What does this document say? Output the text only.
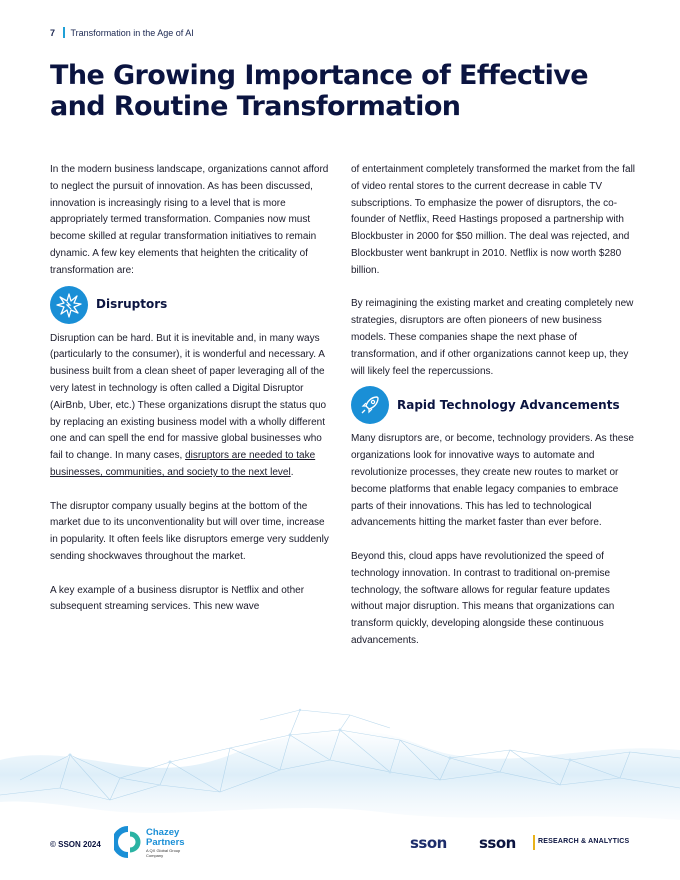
7 Transformation in the Age of AI
The Growing Importance of Effective and Routine Transformation

In the modern business landscape, organizations cannot afford to neglect the pursuit of innovation. As has been discussed, innovation is increasingly rising to a level that is more appropriately termed transformation. Companies now must become skilled at regular transformation initiatives to remain dynamic. A few key elements that heighten the criticality of transformation are:

Disruptors

Disruption can be hard. But it is inevitable and, in many ways (particularly to the consumer), it is wonderful and necessary. A business built from a clean sheet of paper leveraging all of the very latest in technology is often called a Digital Disruptor (AirBnb, Uber, etc.) These organizations disrupt the status quo by replacing an existing business model with a wholly different one and can spell the end for massive global businesses who fail to change. In many cases, disruptors are needed to take businesses, communities, and society to the next level.

The disruptor company usually begins at the bottom of the market due to its unconventionality but will over time, increase in popularity. It often feels like disruptors emerge very suddenly sending shockwaves throughout the market.

A key example of a business disruptor is Netflix and other subsequent streaming services. This new wave

of entertainment completely transformed the market from the fall of video rental stores to the current decrease in cable TV subscriptions. To emphasize the power of disruptors, the co-founder of Netflix, Reed Hastings proposed a partnership with Blockbuster in 2000 for $50 million. The deal was rejected, and Blockbuster went bankrupt in 2010. Netflix is now worth $280 billion.

By reimagining the existing market and creating completely new strategies, disruptors are often pioneers of new business models. These companies shape the next phase of transformation, and if other organizations cannot keep up, they will likely feel the repercussions.

Rapid Technology Advancements

Many disruptors are, or become, technology providers. As these organizations look for innovative ways to automate and revolutionize processes, they create new routes to market or become platforms that enable legacy companies to embrace parts of their innovations. This has led to technological advancements hitting the market faster than ever before.

Beyond this, cloud apps have revolutionized the speed of technology innovation. In contrast to traditional on-premise technology, the software allows for regular feature updates without major disruption. This means that organizations can transform quickly, developing alongside these continuous advancements.

© SSON 2024
Chazey
Partners
A QX Global Group Company
sson sson	RESEARCH & ANALYTICS
